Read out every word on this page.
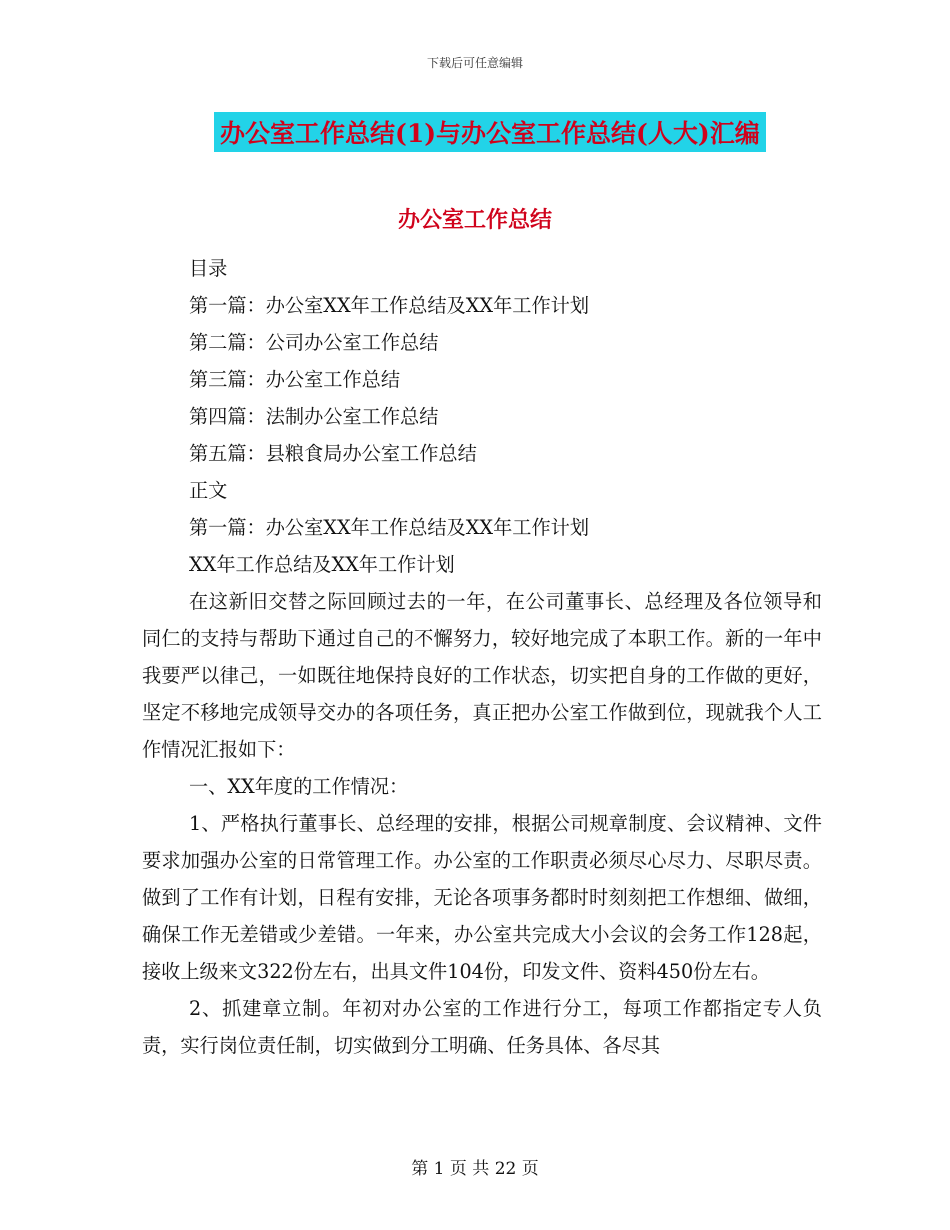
下载后可任意编辑
办公室工作总结(1)与办公室工作总结(人大)汇编
办公室工作总结
目录
第一篇：办公室XX年工作总结及XX年工作计划
第二篇：公司办公室工作总结
第三篇：办公室工作总结
第四篇：法制办公室工作总结
第五篇：县粮食局办公室工作总结
正文
第一篇：办公室XX年工作总结及XX年工作计划
XX年工作总结及XX年工作计划

在这新旧交替之际回顾过去的一年，在公司董事长、总经理及各位领导和同仁的支持与帮助下通过自己的不懈努力，较好地完成了本职工作。新的一年中我要严以律己，一如既往地保持良好的工作状态，切实把自身的工作做的更好，坚定不移地完成领导交办的各项任务，真正把办公室工作做到位，现就我个人工作情况汇报如下：

一、XX年度的工作情况：

1、严格执行董事长、总经理的安排，根据公司规章制度、会议精神、文件要求加强办公室的日常管理工作。办公室的工作职责必须尽心尽力、尽职尽责。做到了工作有计划，日程有安排，无论各项事务都时时刻刻把工作想细、做细，确保工作无差错或少差错。一年来，办公室共完成大小会议的会务工作128起，接收上级来文322份左右，出具文件104份，印发文件、资料450份左右。

2、抓建章立制。年初对办公室的工作进行分工，每项工作都指定专人负责，实行岗位责任制，切实做到分工明确、任务具体、各尽其

第 1 页 共 22 页
